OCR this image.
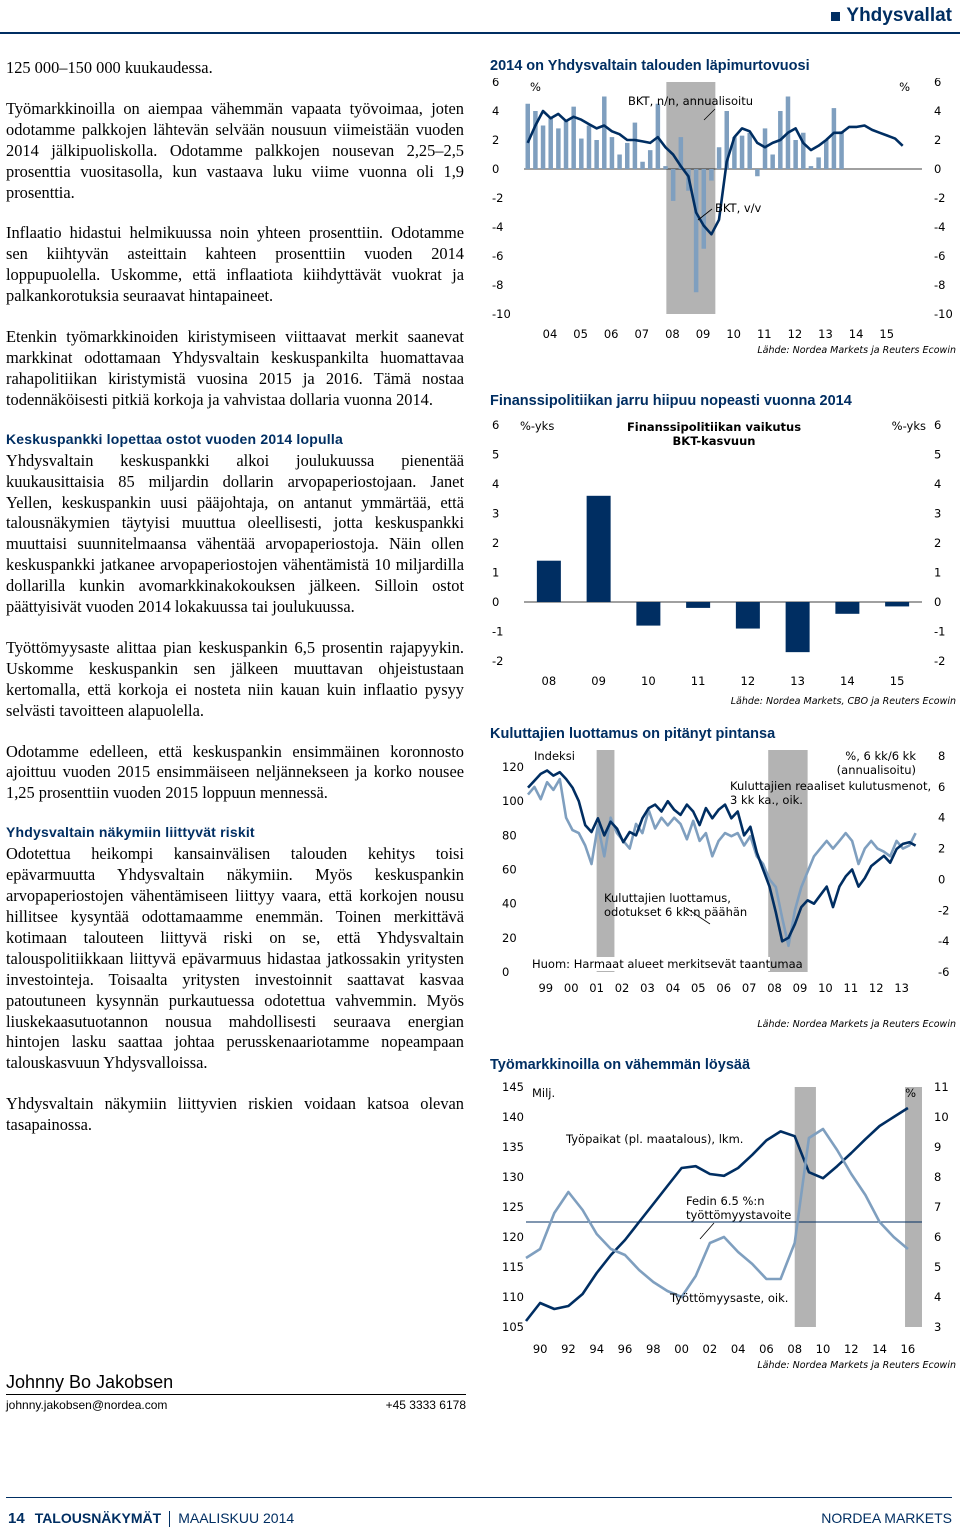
Yhdysvallat

125 000–150 000 kuukaudessa.

Työmarkkinoilla on aiempaa vähemmän vapaata työvoimaa, joten odotamme palkkojen lähtevän selvään nousuun viimeistään vuoden 2014 jälkipuoliskolla. Odotamme palkkojen nousevan 2,25–2,5 prosenttia vuositasolla, kun vastaava luku viime vuonna oli 1,9 prosenttia.

Inflaatio hidastui helmikuussa noin yhteen prosenttiin. Odotamme sen kiihtyvän asteittain kahteen prosenttiin vuoden 2014 loppupuolella. Uskomme, että inflaatiota kiihdyttävät vuokrat ja palkankorotuksia seuraavat hintapaineet.

Etenkin työmarkkinoiden kiristymiseen viittaavat merkit saanevat markkinat odottamaan Yhdysvaltain keskuspankilta huomattavaa rahapolitiikan kiristymistä vuosina 2015 ja 2016. Tämä nostaa todennäköisesti pitkiä korkoja ja vahvistaa dollaria vuonna 2014.

Keskuspankki lopettaa ostot vuoden 2014 lopulla

Yhdysvaltain keskuspankki alkoi joulukuussa pienentää kuukausittaisia 85 miljardin dollarin arvopaperiostojaan. Janet Yellen, keskuspankin uusi pääjohtaja, on antanut ymmärtää, että talousnäkymien täytyisi muuttua oleellisesti, jotta keskuspankki muuttaisi suunnitelmaansa vähentää arvopaperiostoja. Näin ollen keskuspankki jatkanee arvopaperiostojen vähentämistä 10 miljardilla dollarilla kunkin avomarkkinakokouksen jälkeen. Silloin ostot päättyisivät vuoden 2014 lokakuussa tai joulukuussa.

Työttömyysaste alittaa pian keskuspankin 6,5 prosentin rajapyykin. Uskomme keskuspankin sen jälkeen muuttavan ohjeistustaan kertomalla, että korkoja ei nosteta niin kauan kuin inflaatio pysyy selvästi tavoitteen alapuolella.

Odotamme edelleen, että keskuspankin ensimmäinen koronnosto ajoittuu vuoden 2015 ensimmäiseen neljännekseen ja korko nousee 1,25 prosenttiin vuoden 2015 loppuun mennessä.

Yhdysvaltain näkymiin liittyvät riskit

Odotettua heikompi kansainvälisen talouden kehitys toisi epävarmuutta Yhdysvaltain näkymiin. Myös keskuspankin arvopaperiostojen vähentämiseen liittyy vaara, että korkojen nousu hillitsee kysyntää odottamaamme enemmän. Toinen merkittävä kotimaan talouteen liittyvä riski on se, että Yhdysvaltain talouspolitiikkaan liittyvä epävarmuus hidastaa jatkossakin yritysten investointeja. Toisaalta yritysten investoinnit saattavat kasvaa patoutuneen kysynnän purkautuessa odotettua vahvemmin. Myös liuskekaasutuotannon nousua mahdollisesti seuraava energian hintojen lasku saattaa johtaa perusskenaariotamme nopeampaan talouskasvuun Yhdysvalloissa.

Yhdysvaltain näkymiin liittyvien riskien voidaan katsoa olevan tasapainossa.

Johnny Bo Jakobsen
johnny.jakobsen@nordea.com	+45 3333 6178
2014 on Yhdysvaltain talouden läpimurtovuosi
6	6
4	4
2	2
0	0
-2	-2
-4	-4
-6	-6
-8	-8
-10	-10
04 05 06 07 08 09 10 11 12 13 14 15
%	%
BKT, n/n, annualisoitu
BKT, v/v
Lähde: Nordea Markets ja Reuters Ecowin
Finanssipolitiikan jarru hiipuu nopeasti vuonna 2014
08	09	10	11	12	13	14	15
6	6
5	5
4	4
3	3
2	2
1	1
0	0
-1	-1
-2	-2
%-yks	%-yks
Finanssipolitiikan vaikutus BKT-kasvuun
Lähde: Nordea Markets, CBO ja Reuters Ecowin
Kuluttajien luottamus on pitänyt pintansa
120
100
80
60
40
20
0
8
6
4
2
0
-2
-4
-6
99 00 01 02 03 04 05 06 07 08 09 10 11 12 13
Indeksi	%, 6 kk/6 kk (annualisoitu)
Kuluttajien reaaliset kulutusmenot, 3 kk ka., oik.
Kuluttajien luottamus, odotukset 6 kk:n päähän
Huom: Harmaat alueet merkitsevät taantumaa
Lähde: Nordea Markets ja Reuters Ecowin
Työmarkkinoilla on vähemmän löysää
145
140
135
130
125
120
115
110
105
11
10
9
8
7
6
5
4
3
90 92 94 96 98 00 02 04 06 08 10 12 14 16
Milj.	%
Työpaikat (pl. maatalous), lkm.
Fedin 6.5 %:n työttömyystavoite
Työttömyysaste, oik.
Lähde: Nordea Markets ja Reuters Ecowin
14 TALOUSNÄKYMÄT MAALISKUU 2014	NORDEA MARKETS
